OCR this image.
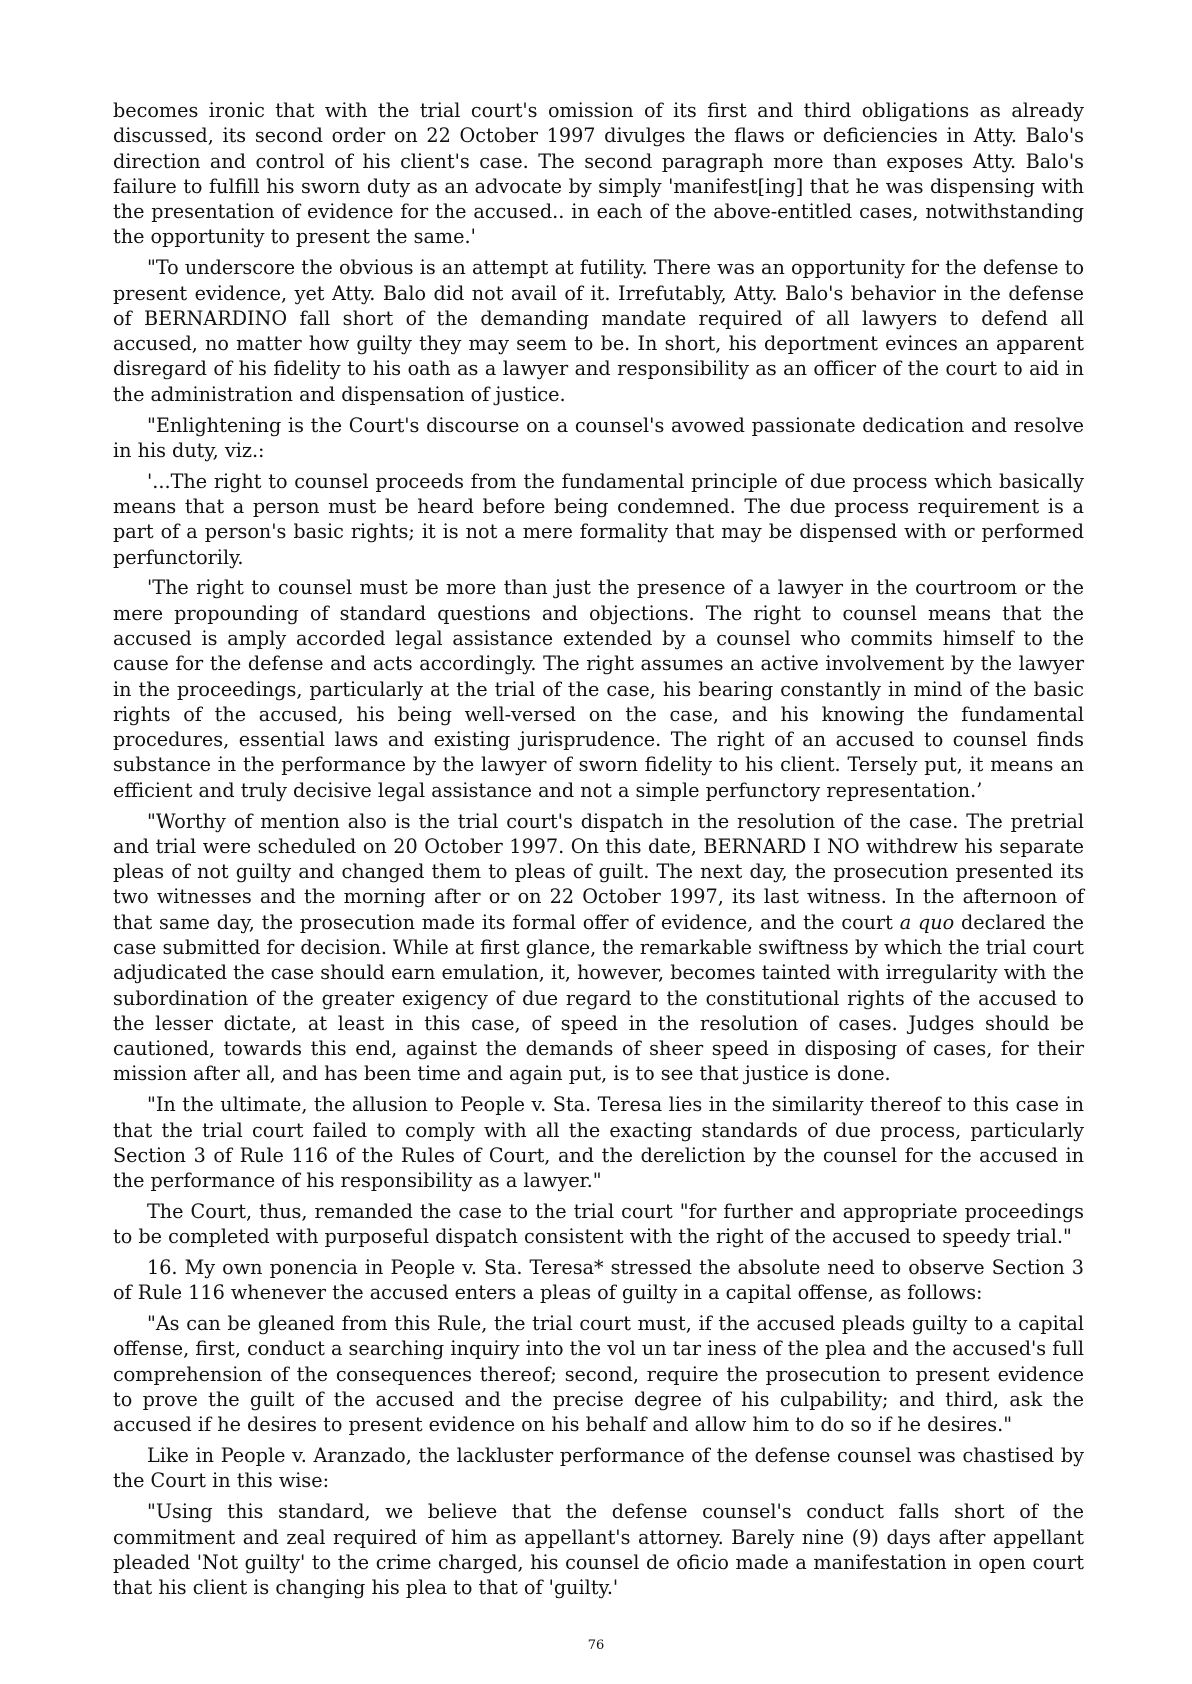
becomes ironic that with the trial court's omission of its first and third obligations as already discussed, its second order on 22 October 1997 divulges the flaws or deficiencies in Atty. Balo's direction and control of his client's case. The second paragraph more than exposes Atty. Balo's failure to fulfill his sworn duty as an advocate by simply 'manifest[ing] that he was dispensing with the presentation of evidence for the accused.. in each of the above-entitled cases, notwithstanding the opportunity to present the same.'

"To underscore the obvious is an attempt at futility. There was an opportunity for the defense to present evidence, yet Atty. Balo did not avail of it. Irrefutably, Atty. Balo's behavior in the defense of BERNARDINO fall short of the demanding mandate required of all lawyers to defend all accused, no matter how guilty they may seem to be. In short, his deportment evinces an apparent disregard of his fidelity to his oath as a lawyer and responsibility as an officer of the court to aid in the administration and dispensation of justice.

"Enlightening is the Court's discourse on a counsel's avowed passionate dedication and resolve in his duty, viz.:

'...The right to counsel proceeds from the fundamental principle of due process which basically means that a person must be heard before being condemned. The due process requirement is a part of a person's basic rights; it is not a mere formality that may be dispensed with or performed perfunctorily.

'The right to counsel must be more than just the presence of a lawyer in the courtroom or the mere propounding of standard questions and objections. The right to counsel means that the accused is amply accorded legal assistance extended by a counsel who commits himself to the cause for the defense and acts accordingly. The right assumes an active involvement by the lawyer in the proceedings, particularly at the trial of the case, his bearing constantly in mind of the basic rights of the accused, his being well-versed on the case, and his knowing the fundamental procedures, essential laws and existing jurisprudence. The right of an accused to counsel finds substance in the performance by the lawyer of sworn fidelity to his client. Tersely put, it means an efficient and truly decisive legal assistance and not a simple perfunctory representation.’

"Worthy of mention also is the trial court's dispatch in the resolution of the case. The pretrial and trial were scheduled on 20 October 1997. On this date, BERNARD I NO withdrew his separate pleas of not guilty and changed them to pleas of guilt. The next day, the prosecution presented its two witnesses and the morning after or on 22 October 1997, its last witness. In the afternoon of that same day, the prosecution made its formal offer of evidence, and the court a quo declared the case submitted for decision. While at first glance, the remarkable swiftness by which the trial court adjudicated the case should earn emulation, it, however, becomes tainted with irregularity with the subordination of the greater exigency of due regard to the constitutional rights of the accused to the lesser dictate, at least in this case, of speed in the resolution of cases. Judges should be cautioned, towards this end, against the demands of sheer speed in disposing of cases, for their mission after all, and has been time and again put, is to see that justice is done.

"In the ultimate, the allusion to People v. Sta. Teresa lies in the similarity thereof to this case in that the trial court failed to comply with all the exacting standards of due process, particularly Section 3 of Rule 116 of the Rules of Court, and the dereliction by the counsel for the accused in the performance of his responsibility as a lawyer."

The Court, thus, remanded the case to the trial court "for further and appropriate proceedings to be completed with purposeful dispatch consistent with the right of the accused to speedy trial."

16. My own ponencia in People v. Sta. Teresa* stressed the absolute need to observe Section 3 of Rule 116 whenever the accused enters a pleas of guilty in a capital offense, as follows:

"As can be gleaned from this Rule, the trial court must, if the accused pleads guilty to a capital offense, first, conduct a searching inquiry into the vol un tar iness of the plea and the accused's full comprehension of the consequences thereof; second, require the prosecution to present evidence to prove the guilt of the accused and the precise degree of his culpability; and third, ask the accused if he desires to present evidence on his behalf and allow him to do so if he desires."

Like in People v. Aranzado, the lackluster performance of the defense counsel was chastised by the Court in this wise:

"Using this standard, we believe that the defense counsel's conduct falls short of the commitment and zeal required of him as appellant's attorney. Barely nine (9) days after appellant pleaded 'Not guilty' to the crime charged, his counsel de oficio made a manifestation in open court that his client is changing his plea to that of 'guilty.'

76
